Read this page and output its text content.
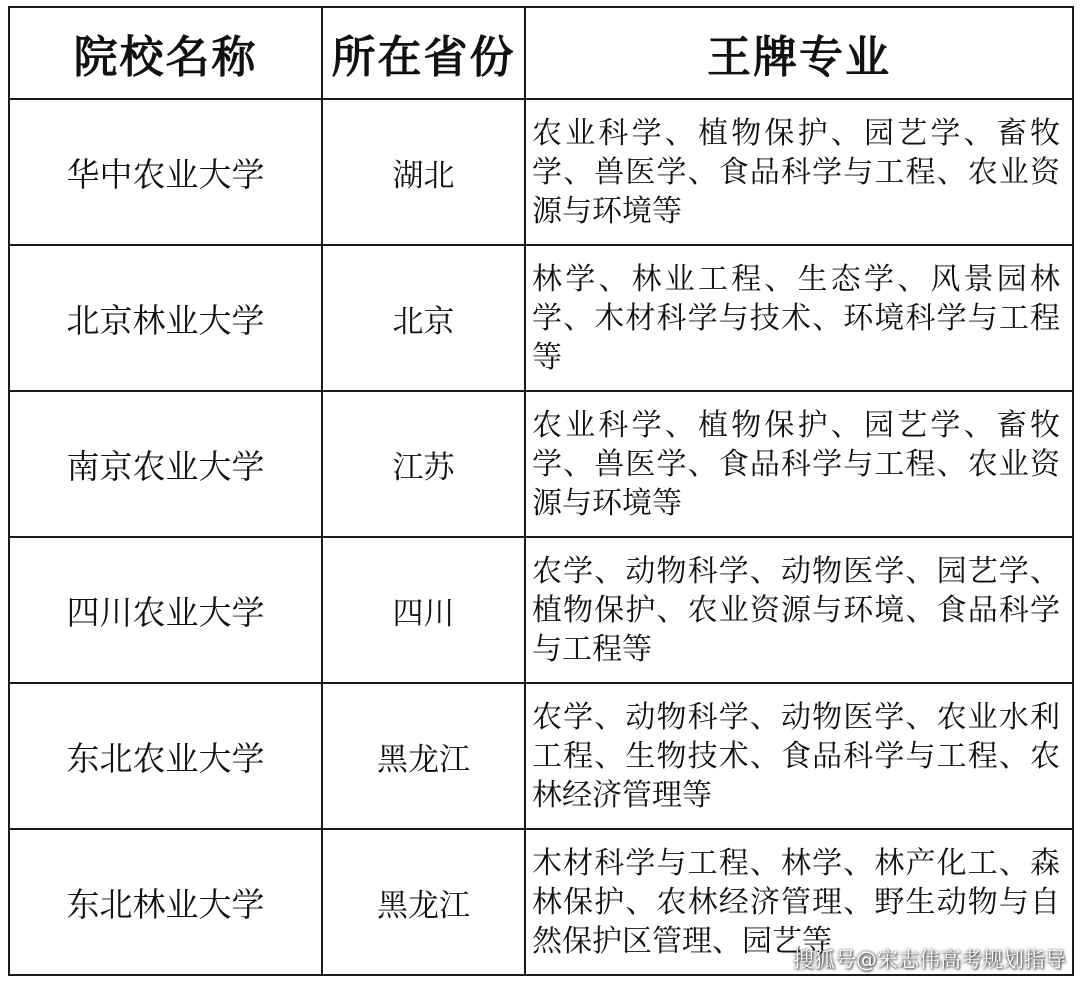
院校名称	所在省份	王牌专业
华中农业大学	湖北	农业科学、植物保护、园艺学、畜牧学、兽医学、食品科学与工程、农业资源与环境等
北京林业大学	北京	林学、林业工程、生态学、风景园林学、木材科学与技术、环境科学与工程等
南京农业大学	江苏	农业科学、植物保护、园艺学、畜牧学、兽医学、食品科学与工程、农业资源与环境等
四川农业大学	四川	农学、动物科学、动物医学、园艺学、植物保护、农业资源与环境、食品科学与工程等
东北农业大学	黑龙江	农学、动物科学、动物医学、农业水利工程、生物技术、食品科学与工程、农林经济管理等
东北林业大学	黑龙江	木材科学与工程、林学、林产化工、森林保护、农林经济管理、野生动物与自然保护区管理、园艺等
搜狐号@宋志伟高考规划指导
